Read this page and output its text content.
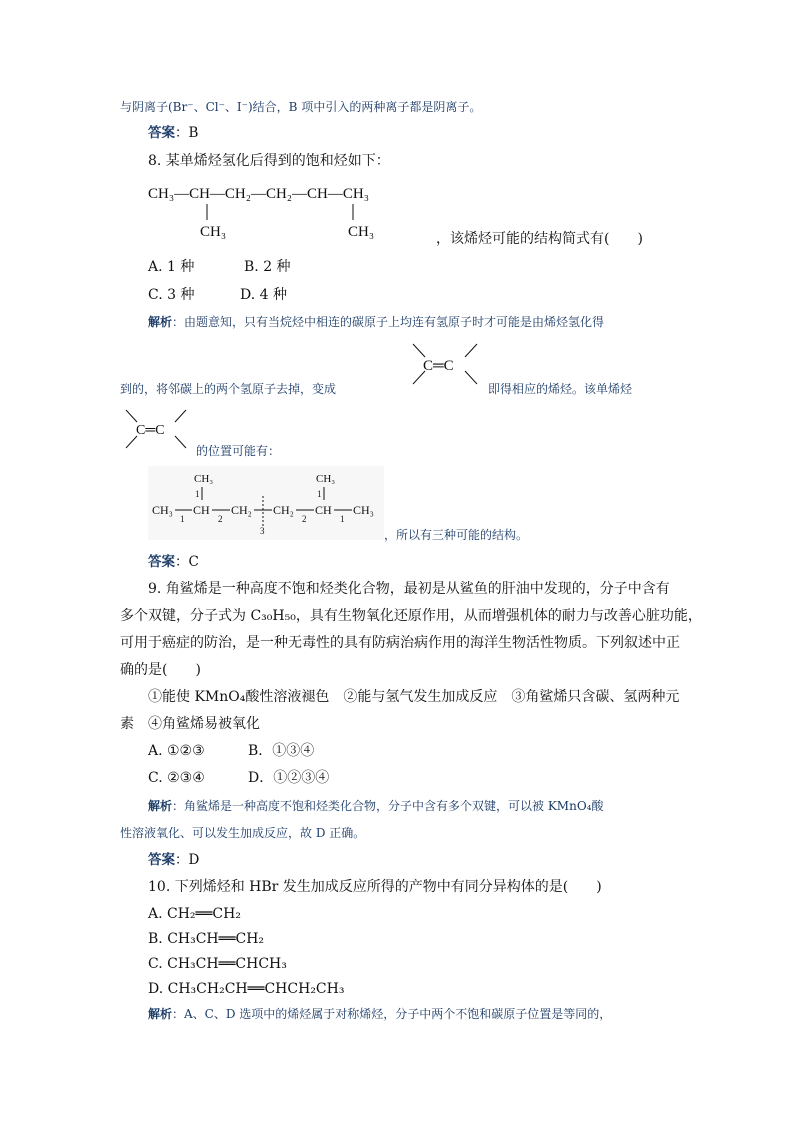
与阴离子(Br⁻、Cl⁻、I⁻)结合，B 项中引入的两种离子都是阴离子。
答案：B
8. 某单烯烃氢化后得到的饱和烃如下：
CH₃—CH—CH₂—CH₂—CH—CH₃
CH₃	CH₃	，该烯烃可能的结构简式有(　　)
A. 1 种	B. 2 种
C. 3 种	D. 4 种
解析：由题意知，只有当烷烃中相连的碳原子上均连有氢原子时才可能是由烯烃氢化得
C═C
到的，将邻碳上的两个氢原子去掉，变成	即得相应的烯烃。该单烯烃
C═C
的位置可能有：
CH₃	CH₃
1	1
CH₃
1
CH
2
CH₂
3
CH₂
2
CH
1
CH₃
，所以有三种可能的结构。
答案：C
9. 角鲨烯是一种高度不饱和烃类化合物，最初是从鲨鱼的肝油中发现的，分子中含有
多个双键，分子式为 C₃₀H₅₀，具有生物氧化还原作用，从而增强机体的耐力与改善心脏功能，
可用于癌症的防治，是一种无毒性的具有防病治病作用的海洋生物活性物质。下列叙述中正
确的是(　　)
①能使 KMnO₄酸性溶液褪色　②能与氢气发生加成反应　③角鲨烯只含碳、氢两种元
素　④角鲨烯易被氧化
A. ①②③	B．①③④
C. ②③④	D．①②③④
解析：角鲨烯是一种高度不饱和烃类化合物，分子中含有多个双键，可以被 KMnO₄酸
性溶液氧化、可以发生加成反应，故 D 正确。
答案：D
10. 下列烯烃和 HBr 发生加成反应所得的产物中有同分异构体的是(　　)
A. CH₂══CH₂
B. CH₃CH══CH₂
C. CH₃CH══CHCH₃
D. CH₃CH₂CH══CHCH₂CH₃
解析：A、C、D 选项中的烯烃属于对称烯烃，分子中两个不饱和碳原子位置是等同的，
